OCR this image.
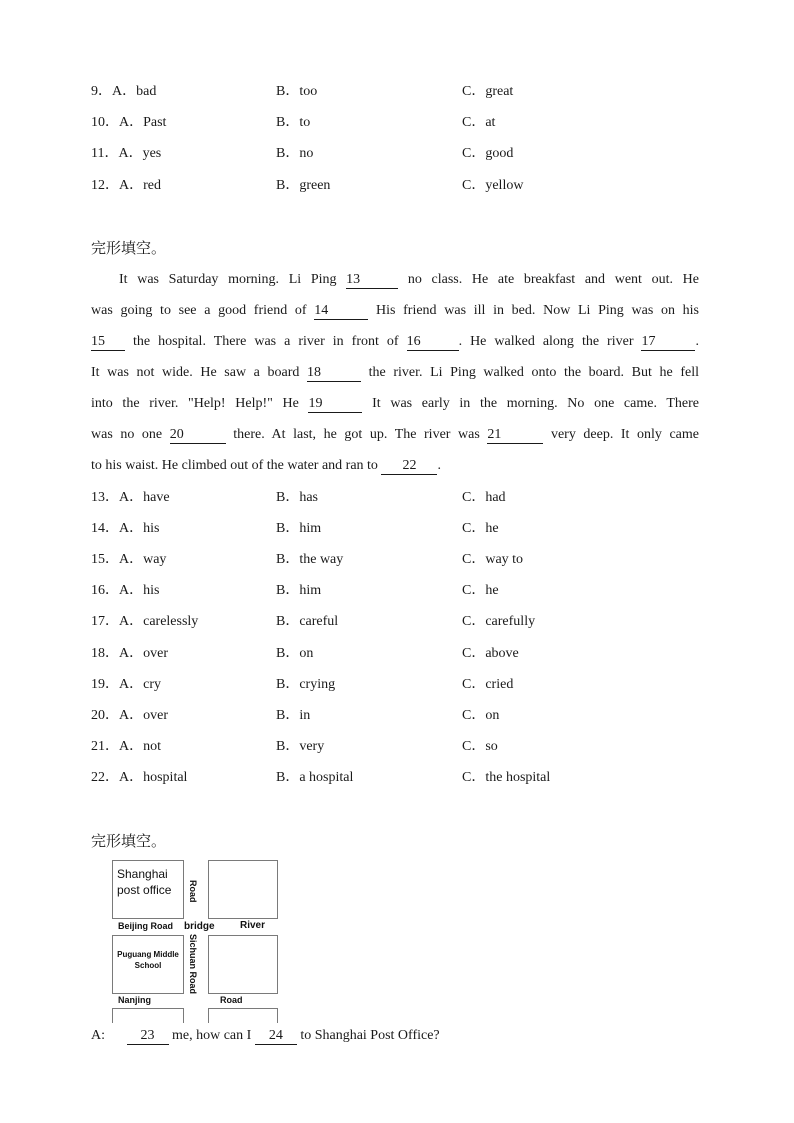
9．A．bad	B．too	C．great
10．A．Past	B．to	C．at
11．A．yes	B．no	C．good
12．A．red	B．green	C．yellow
完形填空。
It was Saturday morning. Li Ping 13	no class. He ate breakfast and went out. He
was going to see a good friend of 14	His friend was ill in bed. Now Li Ping was on his
15 the hospital. There was a river in front of 16	. He walked along the river 17	.
It was not wide. He saw a board 18	the river. Li Ping walked onto the board. But he fell
into the river. "Help! Help!" He 19	It was early in the morning. No one came. There
was no one 20	there. At last, he got up. The river was 21	very deep. It only came
to his waist. He climbed out of the water and ran to 22 .
13．A．have	B．has	C．had
14．A．his	B．him	C．he
15．A．way	B．the way	C．way to
16．A．his	B．him	C．he
17．A．carelessly	B．careful	C．carefully
18．A．over	B．on	C．above
19．A．cry	B．crying	C．cried
20．A．over	B．in	C．on
21．A．not	B．very	C．so
22．A．hospital	B．a hospital	C．the hospital
完形填空。
Shanghai
post office Road
Beijing Road bridge	River
Puguang Middle
School	Sichuan Road
Nanjing	Road
A:	23 me, how can I 24 to Shanghai Post Office?
